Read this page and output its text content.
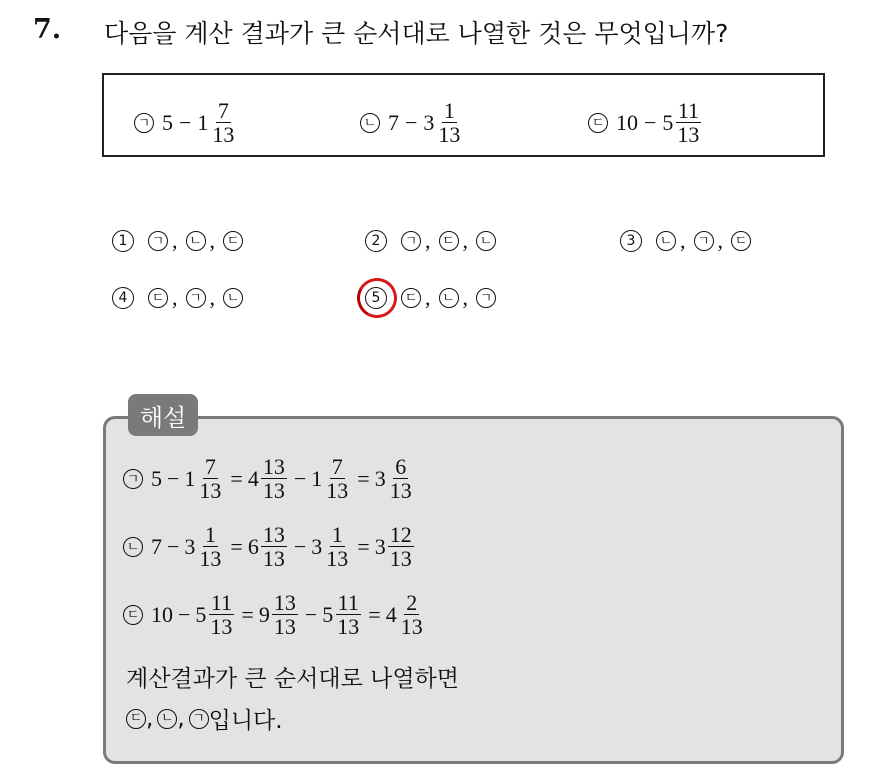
7. 다음을 계산 결과가 큰 순서대로 나열한 것은 무엇입니까?
ㄱ $5 - 1 \frac{7}{13}$	ㄴ $7 - 3 \frac{1}{13}$	ㄷ $10 - 5 \frac{11}{13}$
1	ㄱ , ㄴ , ㄷ	2	ㄱ , ㄷ , ㄴ	3	ㄴ , ㄱ , ㄷ
4	ㄷ , ㄱ , ㄴ	5	ㄷ , ㄴ , ㄱ
해설
ㄱ $5 - 1 \frac{7}{13} = 4 \frac{13}{13} - 1 \frac{7}{13} = 3 \frac{6}{13}$
ㄴ $7 - 3 \frac{1}{13} = 6 \frac{13}{13} - 3 \frac{1}{13} = 3 \frac{12}{13}$
ㄷ $10 - 5 \frac{11}{13} = 9 \frac{13}{13} - 5 \frac{11}{13} = 4 \frac{2}{13}$
계산결과가 큰 순서대로 나열하면
ㄷ , ㄴ , ㄱ 입니다.
